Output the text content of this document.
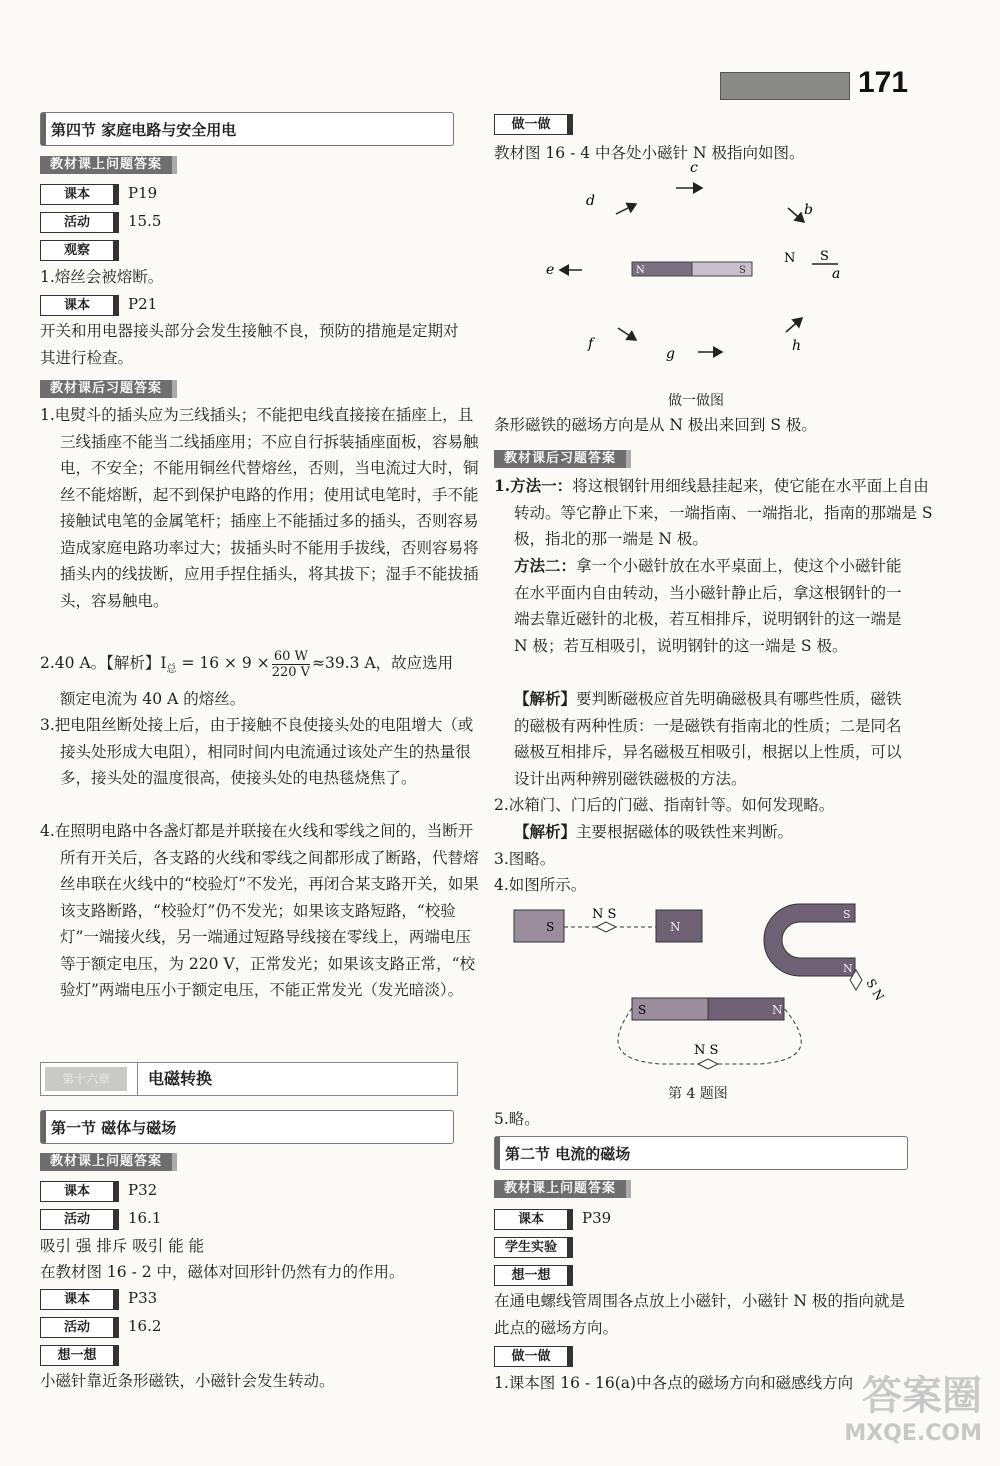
171
第四节 家庭电路与安全用电
教材课上问题答案
课本	P19
活动	15.5
观察
1.熔丝会被熔断。
课本	P21
开关和用电器接头部分会发生接触不良，预防的措施是定期对其进行检查。
教材课后习题答案
1.电熨斗的插头应为三线插头；不能把电线直接接在插座上，且三线插座不能当二线插座用；不应自行拆装插座面板，容易触电，不安全；不能用铜丝代替熔丝，否则，当电流过大时，铜丝不能熔断，起不到保护电路的作用；使用试电笔时，手不能接触试电笔的金属笔杆；插座上不能插过多的插头，否则容易造成家庭电路功率过大；拔插头时不能用手拔线，否则容易将插头内的线拔断，应用手捏住插头，将其拔下；湿手不能拔插头，容易触电。
2.40 A。【解析】$I_总 = 16 \times 9 \times \frac{60 W}{220 V} \approx 39.3$ A，故应选用
额定电流为 40 A 的熔丝。
3.把电阻丝断处接上后，由于接触不良使接头处的电阻增大（或接头处形成大电阻），相同时间内电流通过该处产生的热量很多，接头处的温度很高，使接头处的电热毯烧焦了。
4.在照明电路中各盏灯都是并联接在火线和零线之间的，当断开所有开关后，各支路的火线和零线之间都形成了断路，代替熔丝串联在火线中的“校验灯”不发光，再闭合某支路开关，如果该支路断路，“校验灯”仍不发光；如果该支路短路，“校验灯”一端接火线，另一端通过短路导线接在零线上，两端电压等于额定电压，为 220 V，正常发光；如果该支路正常，“校验灯”两端电压小于额定电压，不能正常发光（发光暗淡）。
第十六章	电磁转换
第一节 磁体与磁场
教材课上问题答案
课本	P32
活动	16.1
吸引 强 排斥 吸引 能 能
在教材图 16 - 2 中，磁体对回形针仍然有力的作用。
课本	P33
活动	16.2
想一想
小磁针靠近条形磁铁，小磁针会发生转动。
做一做
教材图 16 - 4 中各处小磁针 N 极指向如图。
N	S
c
d
b
e	a
f
g	h
N S
做一做图
条形磁铁的磁场方向是从 N 极出来回到 S 极。
教材课后习题答案
1.方法一：将这根钢针用细线悬挂起来，使它能在水平面上自由转动。等它静止下来，一端指南、一端指北，指南的那端是 S 极，指北的那一端是 N 极。
方法二：拿一个小磁针放在水平桌面上，使这个小磁针能在水平面内自由转动，当小磁针静止后，拿这根钢针的一端去靠近磁针的北极，若互相排斥，说明钢针的这一端是 N 极；若互相吸引，说明钢针的这一端是 S 极。
【解析】要判断磁极应首先明确磁极具有哪些性质，磁铁的磁极有两种性质：一是磁铁有指南北的性质；二是同名磁极互相排斥，异名磁极互相吸引，根据以上性质，可以设计出两种辨别磁铁磁极的方法。
2.冰箱门、门后的门磁、指南针等。如何发现略。
【解析】主要根据磁体的吸铁性来判断。
3.图略。
4.如图所示。
S
N S
N
S
N
S N
S	N
N S
第 4 题图
5.略。
第二节 电流的磁场
教材课上问题答案
课本	P39
学生实验
想一想
在通电螺线管周围各点放上小磁针，小磁针 N 极的指向就是此点的磁场方向。
做一做
1.课本图 16 - 16(a)中各点的磁场方向和磁感线方向 答案圈
MXQE.COM
